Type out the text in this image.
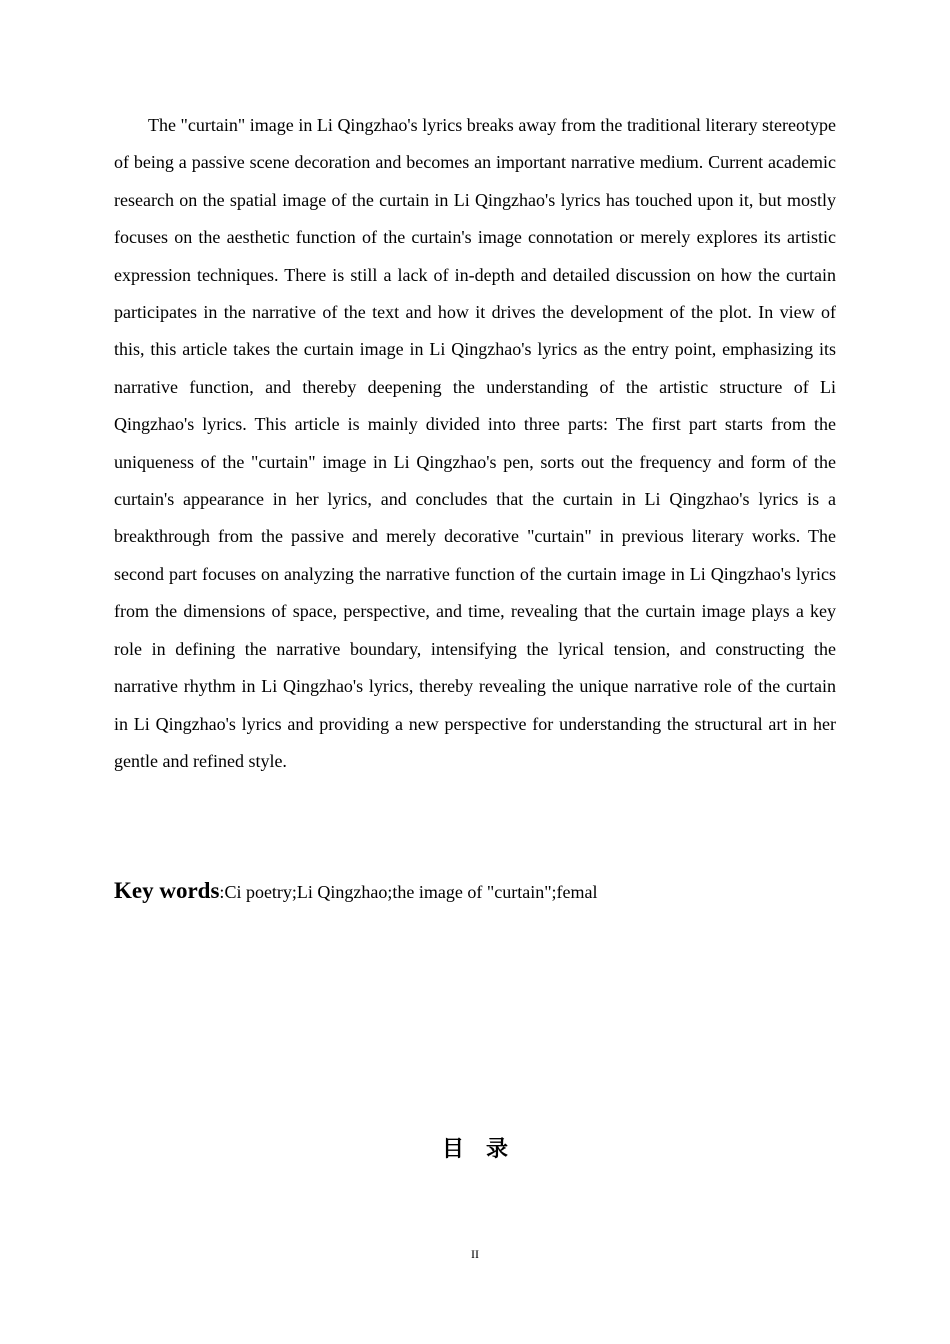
The "curtain" image in Li Qingzhao's lyrics breaks away from the traditional literary stereotype of being a passive scene decoration and becomes an important narrative medium. Current academic research on the spatial image of the curtain in Li Qingzhao's lyrics has touched upon it, but mostly focuses on the aesthetic function of the curtain's image connotation or merely explores its artistic expression techniques. There is still a lack of in-depth and detailed discussion on how the curtain participates in the narrative of the text and how it drives the development of the plot. In view of this, this article takes the curtain image in Li Qingzhao's lyrics as the entry point, emphasizing its narrative function, and thereby deepening the understanding of the artistic structure of Li Qingzhao's lyrics. This article is mainly divided into three parts: The first part starts from the uniqueness of the "curtain" image in Li Qingzhao's pen, sorts out the frequency and form of the curtain's appearance in her lyrics, and concludes that the curtain in Li Qingzhao's lyrics is a breakthrough from the passive and merely decorative "curtain" in previous literary works. The second part focuses on analyzing the narrative function of the curtain image in Li Qingzhao's lyrics from the dimensions of space, perspective, and time, revealing that the curtain image plays a key role in defining the narrative boundary, intensifying the lyrical tension, and constructing the narrative rhythm in Li Qingzhao's lyrics, thereby revealing the unique narrative role of the curtain in Li Qingzhao's lyrics and providing a new perspective for understanding the structural art in her gentle and refined style.

Key words:Ci poetry;Li Qingzhao;the image of "curtain";femal

目录

II
